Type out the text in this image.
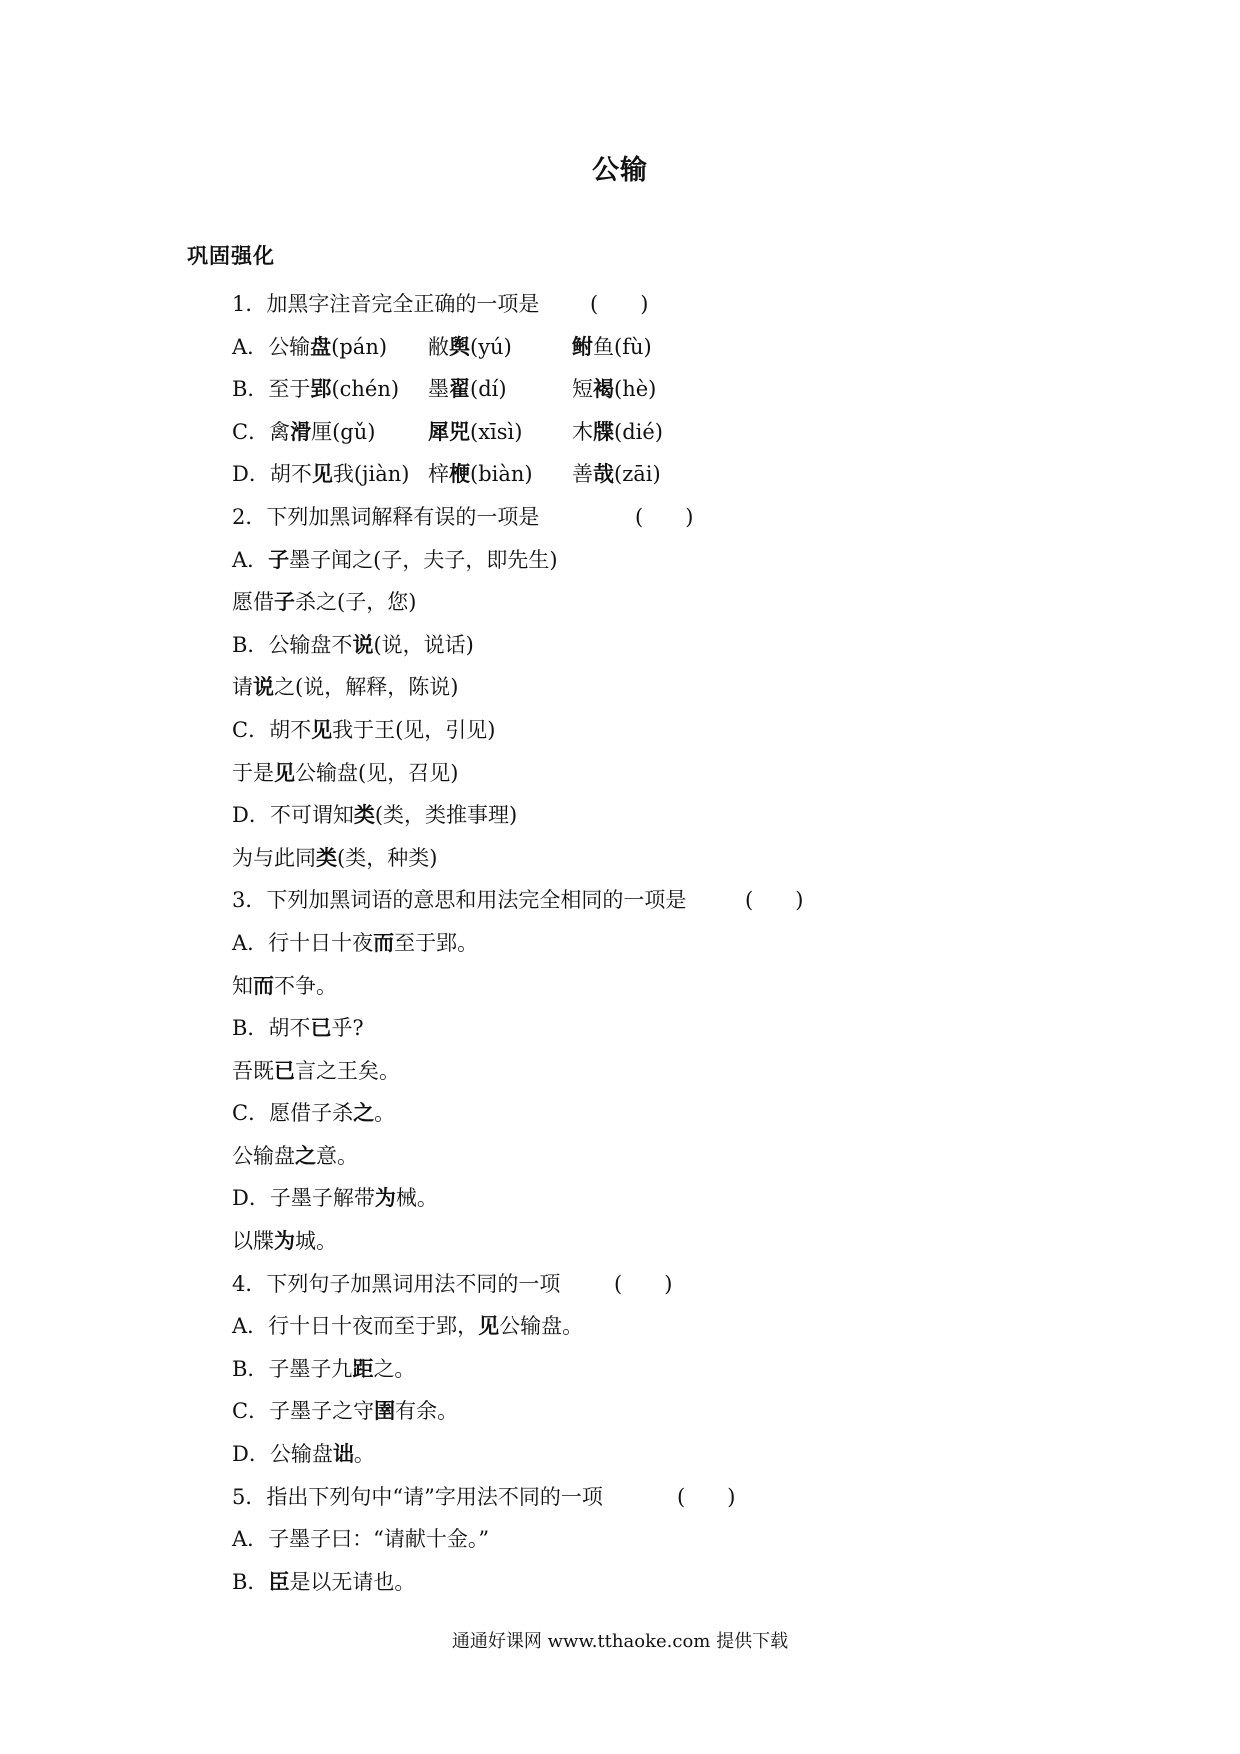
公输
巩固强化
1．加黑字注音完全正确的一项是 (　　)
A．公输盘(pán) 敝舆(yú)	鲋鱼(fù)
B．至于郢(chén) 墨翟(dí)	短褐(hè)
C．禽滑厘(gǔ)	犀兕(xīsì) 木牒(dié)
D．胡不见我(jiàn) 梓楩(biàn) 善哉(zāi)
2．下列加黑词解释有误的一项是	(　　)
A．子墨子闻之(子，夫子，即先生)
愿借子杀之(子，您)
B．公输盘不说(说，说话)
请说之(说，解释，陈说)
C．胡不见我于王(见，引见)
于是见公输盘(见，召见)
D．不可谓知类(类，类推事理)
为与此同类(类，种类)
3．下列加黑词语的意思和用法完全相同的一项是	(　　)
A．行十日十夜而至于郢。
知而不争。
B．胡不已乎?
吾既已言之王矣。
C．愿借子杀之。
公输盘之意。
D．子墨子解带为械。
以牒为城。
4．下列句子加黑词用法不同的一项	(　　)
A．行十日十夜而至于郢，见公输盘。
B．子墨子九距之。
C．子墨子之守圉有余。
D．公输盘诎。
5．指出下列句中“请”字用法不同的一项	(　　)
A．子墨子曰：“请献十金。”
B．臣是以无请也。
通通好课网 www.tthaoke.com 提供下载
